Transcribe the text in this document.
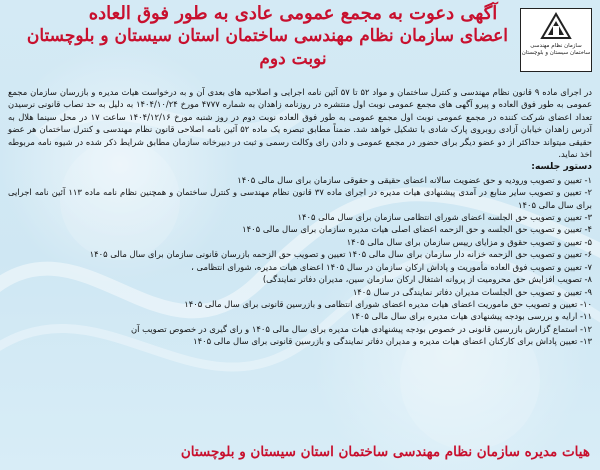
سازمان نظام مهندسی ساختمان سیستان و بلوچستان
آگهی دعوت به مجمع عمومی عادی به طور فوق العاده
اعضای سازمان نظام مهندسی ساختمان استان سیستان و بلوچستان
نوبت دوم

در اجرای ماده ۹ قانون نظام مهندسی و کنترل ساختمان و مواد ۵۲ تا ۵۷ آئین نامه اجرایی و اصلاحیه های بعدی آن و به درخواست هیات مدیره و بازرسان سازمان مجمع عمومی به طور فوق العاده و پیرو آگهی های مجمع عمومی نوبت اول منتشره در روزنامه زاهدان به شماره ۴۷۷۷ مورخ ۱۴۰۴/۱۰/۲۴ به دلیل به حد نصاب قانونی نرسیدن تعداد اعضای شرکت کننده در مجمع عمومی نوبت اول مجمع عمومی به طور فوق العاده نوبت دوم در روز شنبه مورخ ۱۴۰۴/۱۲/۱۶ ساعت ۱۷ در محل سینما هلال به آدرس زاهدان خیابان آزادی روبروی پارک شادی با تشکیل خواهد شد. ضمناً مطابق تبصره یک ماده ۵۲ آئین نامه اصلاحی قانون نظام مهندسی و کنترل ساختمان هر عضو حقیقی میتواند حداکثر از دو عضو دیگر برای حضور در مجمع عمومی و دادن رای وکالت رسمی و ثبت در دبیرخانه سازمان مطابق شرایط ذکر شده در شیوه نامه مربوطه اخذ نماید.

دستور جلسه:
۱- تعیین و تصویب ورودیه و حق عضویت سالانه اعضای حقیقی و حقوقی سازمان برای سال مالی ۱۴۰۵
۲- تعیین و تصویب سایر منابع در آمدی پیشنهادی هیات مدیره در اجرای ماده ۳۷ قانون نظام مهندسی و کنترل ساختمان و همچنین نظام نامه ماده ۱۱۳ آئین نامه اجرایی برای سال مالی ۱۴۰۵
۳- تعیین و تصویب حق الجلسه اعضای شورای انتظامی سازمان برای سال مالی ۱۴۰۵
۴- تعیین و تصویب حق الجلسه و حق الزحمه اعضای اصلی هیات مدیره سازمان برای سال مالی ۱۴۰۵
۵- تعیین و تصویب حقوق و مزایای رییس سازمان برای سال مالی ۱۴۰۵
۶- تعیین و تصویب حق الزحمه خزانه دار سازمان برای سال مالی ۱۴۰۵ تعیین و تصویب حق الزحمه بازرسان قانونی سازمان برای سال مالی ۱۴۰۵
۷- تعیین و تصویب فوق العاده مأموریت و پاداش ارکان سازمان در سال ۱۴۰۵ اعضای هیات مدیره، شورای انتظامی ،
۸- تصویب افزایش حق محرومیت از پروانه اشتغال ارکان سازمان سین، مدیران دفاتر نمایندگی)
۹- تعیین و تصویب حق الجلسات مدیران دفاتر نمایندگی در سال ۱۴۰۵
۱۰- تعیین و تصویب حق ماموریت اعضای هیات مدیره اعضای شورای انتظامی و بازرسین قانونی برای سال مالی ۱۴۰۵
۱۱- ارایه و بررسی بودجه پیشنهادی هیات مدیره برای سال مالی ۱۴۰۵
۱۲- استماع گزارش بازرسین قانونی در خصوص بودجه پیشنهادی هیات مدیره برای سال مالی ۱۴۰۵ و رای گیری در خصوص تصویب آن
۱۳- تعیین پاداش برای کارکنان اعضای هیات مدیره و مدیران دفاتر نمایندگی و بازرسین قانونی برای سال مالی ۱۴۰۵
هیات مدیره سازمان نظام مهندسی ساختمان استان سیستان و بلوچستان
